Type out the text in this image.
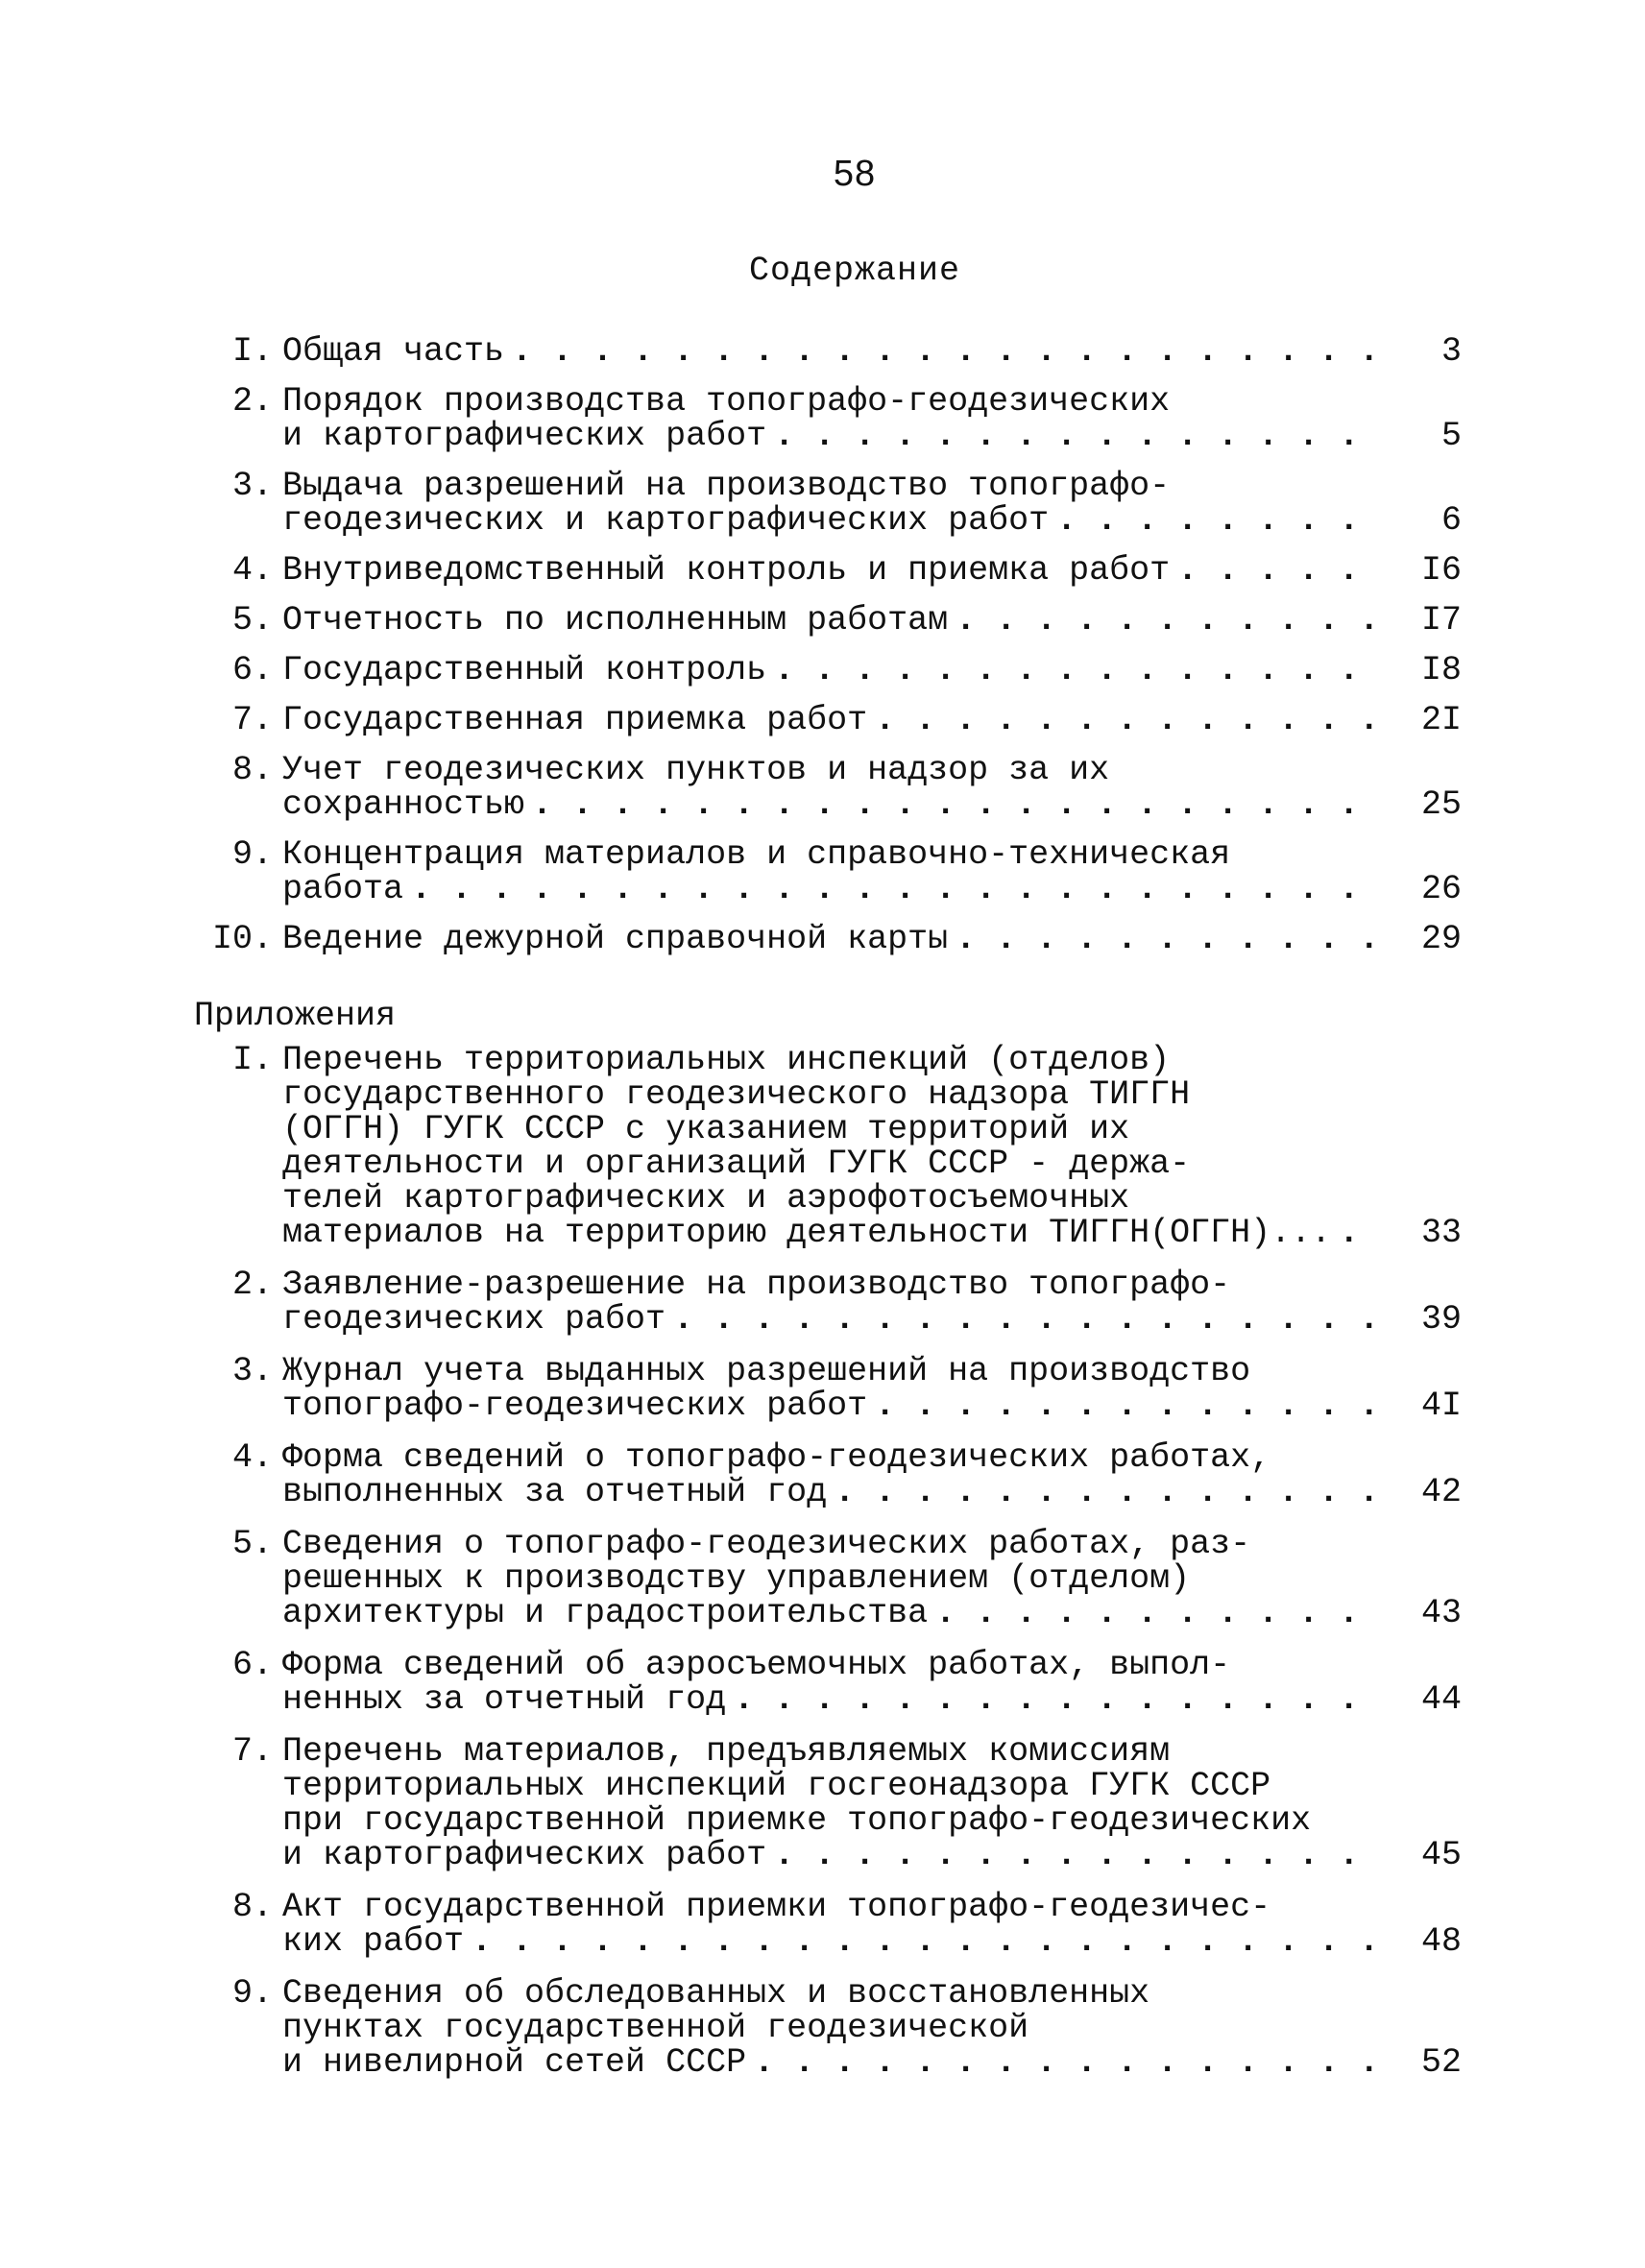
58
Содержание
I. Общая часть . . .	3
2. Порядок производства топографо-геодезических
и картографических работ . . .	5
3. Выдача разрешений на производство топографо-
геодезических и картографических работ . . .	6
4. Внутриведомственный контроль и приемка работ . . .	I6
5. Отчетность по исполненным работам . . .	I7
6. Государственный контроль . . .	I8
7. Государственная приемка работ . . .	2I
8. Учет геодезических пунктов и надзор за их
сохранностью . . .	25
9. Концентрация материалов и справочно-техническая
работа . . .	26
I0. Ведение дежурной справочной карты . . .	29
Приложения
I. Перечень территориальных инспекций (отделов)
государственного геодезического надзора ТИГГН
(ОГГН) ГУГК СССР с указанием территорий их
деятельности и организаций ГУГК СССР - держа-
телей картографических и аэрофотосъемочных
материалов на территорию деятельности ТИГГН(ОГГН)... . . .	33
2. Заявление-разрешение на производство топографо-
геодезических работ . . .	39
3. Журнал учета выданных разрешений на производство
топографо-геодезических работ . . .	4I
4. Форма сведений о топографо-геодезических работах,
выполненных за отчетный год . . .	42
5. Сведения о топографо-геодезических работах, раз-
решенных к производству управлением (отделом)
архитектуры и градостроительства . . .	43
6. Форма сведений об аэросъемочных работах, выпол-
ненных за отчетный год . . .	44
7. Перечень материалов, предъявляемых комиссиям
территориальных инспекций госгеонадзора ГУГК СССР
при государственной приемке топографо-геодезических
и картографических работ . . .	45
8. Акт государственной приемки топографо-геодезичес-
ких работ . . .	48
9. Сведения об обследованных и восстановленных
пунктах государственной геодезической
и нивелирной сетей СССР . . .	52
